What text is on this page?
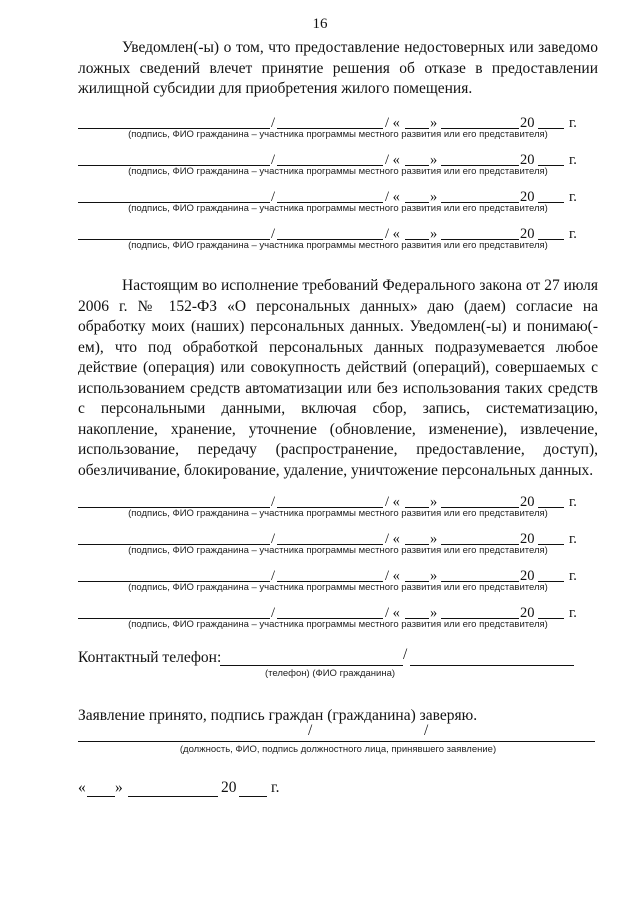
16

Уведомлен(-ы) о том, что предоставление недостоверных или заведомо ложных сведений влечет принятие решения об отказе в предоставлении жилищной субсидии для приобретения жилого помещения.

/	/ « »	20 г.
(подпись, ФИО гражданина – участника программы местного развития или его представителя)
/	/ « »	20 г.
(подпись, ФИО гражданина – участника программы местного развития или его представителя)
/	/ « »	20 г.
(подпись, ФИО гражданина – участника программы местного развития или его представителя)
/	/ « »	20 г.
(подпись, ФИО гражданина – участника программы местного развития или его представителя)

Настоящим во исполнение требований Федерального закона от 27 июля 2006 г. № 152-ФЗ «О персональных данных» даю (даем) согласие на обработку моих (наших) персональных данных. Уведомлен(-ы) и понимаю(-ем), что под обработкой персональных данных подразумевается любое действие (операция) или совокупность действий (операций), совершаемых с использованием средств автоматизации или без использования таких средств с персональными данными, включая сбор, запись, систематизацию, накопление, хранение, уточнение (обновление, изменение), извлечение, использование, передачу (распространение, предоставление, доступ), обезличивание, блокирование, удаление, уничтожение персональных данных.

/	/ « »	20 г.
(подпись, ФИО гражданина – участника программы местного развития или его представителя)
/	/ « »	20 г.
(подпись, ФИО гражданина – участника программы местного развития или его представителя)
/	/ « »	20 г.
(подпись, ФИО гражданина – участника программы местного развития или его представителя)
/	/ « »	20 г.
(подпись, ФИО гражданина – участника программы местного развития или его представителя)
Контактный телефон:	/
(телефон) (ФИО гражданина)
Заявление принято, подпись граждан (гражданина) заверяю.
/	/
(должность, ФИО, подпись должностного лица, принявшего заявление)
« »	20 г.
